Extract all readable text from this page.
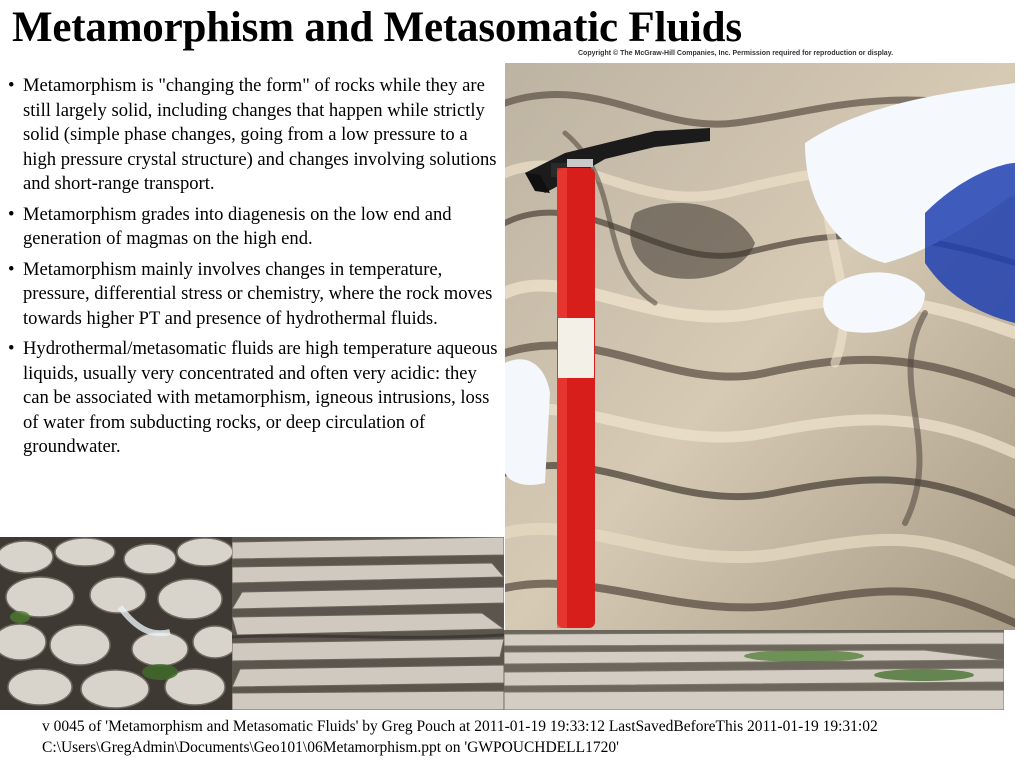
Metamorphism and Metasomatic Fluids
Copyright © The McGraw-Hill Companies, Inc. Permission required for reproduction or display.
• Metamorphism is "changing the form" of rocks while they are still largely solid, including changes that happen while strictly solid (simple phase changes, going from a low pressure to a high pressure crystal structure) and changes involving solutions and short-range transport.
• Metamorphism grades into diagenesis on the low end and generation of magmas on the high end.
• Metamorphism mainly involves changes in temperature, pressure, differential stress or chemistry, where the rock moves towards higher PT and presence of hydrothermal fluids.
• Hydrothermal/metasomatic fluids are high temperature aqueous liquids, usually very concentrated and often very acidic: they can be associated with metamorphism, igneous intrusions, loss of water from subducting rocks, or deep circulation of groundwater.
v 0045 of 'Metamorphism and Metasomatic Fluids' by Greg Pouch at 2011-01-19 19:33:12 LastSavedBeforeThis 2011-01-19 19:31:02
C:\Users\GregAdmin\Documents\Geo101\06Metamorphism.ppt on 'GWPOUCHDELL1720'
